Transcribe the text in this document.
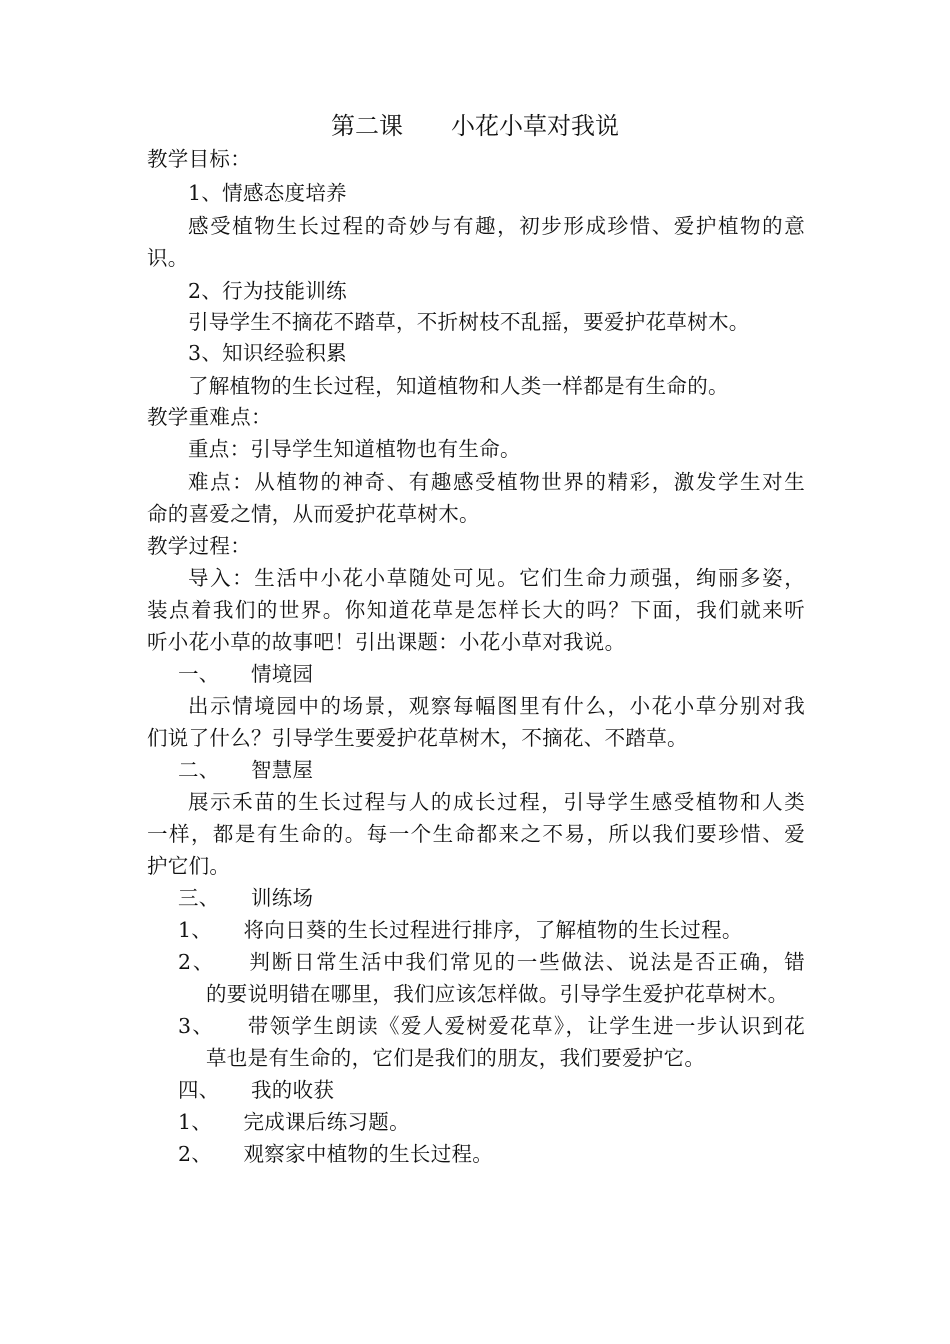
第二课　　小花小草对我说
教学目标：
1、情感态度培养
感受植物生长过程的奇妙与有趣，初步形成珍惜、爱护植物的意
识。
2、行为技能训练
引导学生不摘花不踏草，不折树枝不乱摇，要爱护花草树木。
3、知识经验积累
了解植物的生长过程，知道植物和人类一样都是有生命的。
教学重难点：
重点：引导学生知道植物也有生命。
难点：从植物的神奇、有趣感受植物世界的精彩，激发学生对生
命的喜爱之情，从而爱护花草树木。
教学过程：
导入：生活中小花小草随处可见。它们生命力顽强，绚丽多姿，
装点着我们的世界。你知道花草是怎样长大的吗？下面，我们就来听
听小花小草的故事吧！引出课题：小花小草对我说。
一、　　情境园
出示情境园中的场景，观察每幅图里有什么，小花小草分别对我
们说了什么？引导学生要爱护花草树木，不摘花、不踏草。
二、　　智慧屋
展示禾苗的生长过程与人的成长过程，引导学生感受植物和人类
一样，都是有生命的。每一个生命都来之不易，所以我们要珍惜、爱
护它们。
三、　　训练场
1、　　将向日葵的生长过程进行排序，了解植物的生长过程。
2、　　判断日常生活中我们常见的一些做法、说法是否正确，错
的要说明错在哪里，我们应该怎样做。引导学生爱护花草树木。
3、　　带领学生朗读《爱人爱树爱花草》，让学生进一步认识到花
草也是有生命的，它们是我们的朋友，我们要爱护它。
四、　　我的收获
1、　　完成课后练习题。
2、　　观察家中植物的生长过程。
